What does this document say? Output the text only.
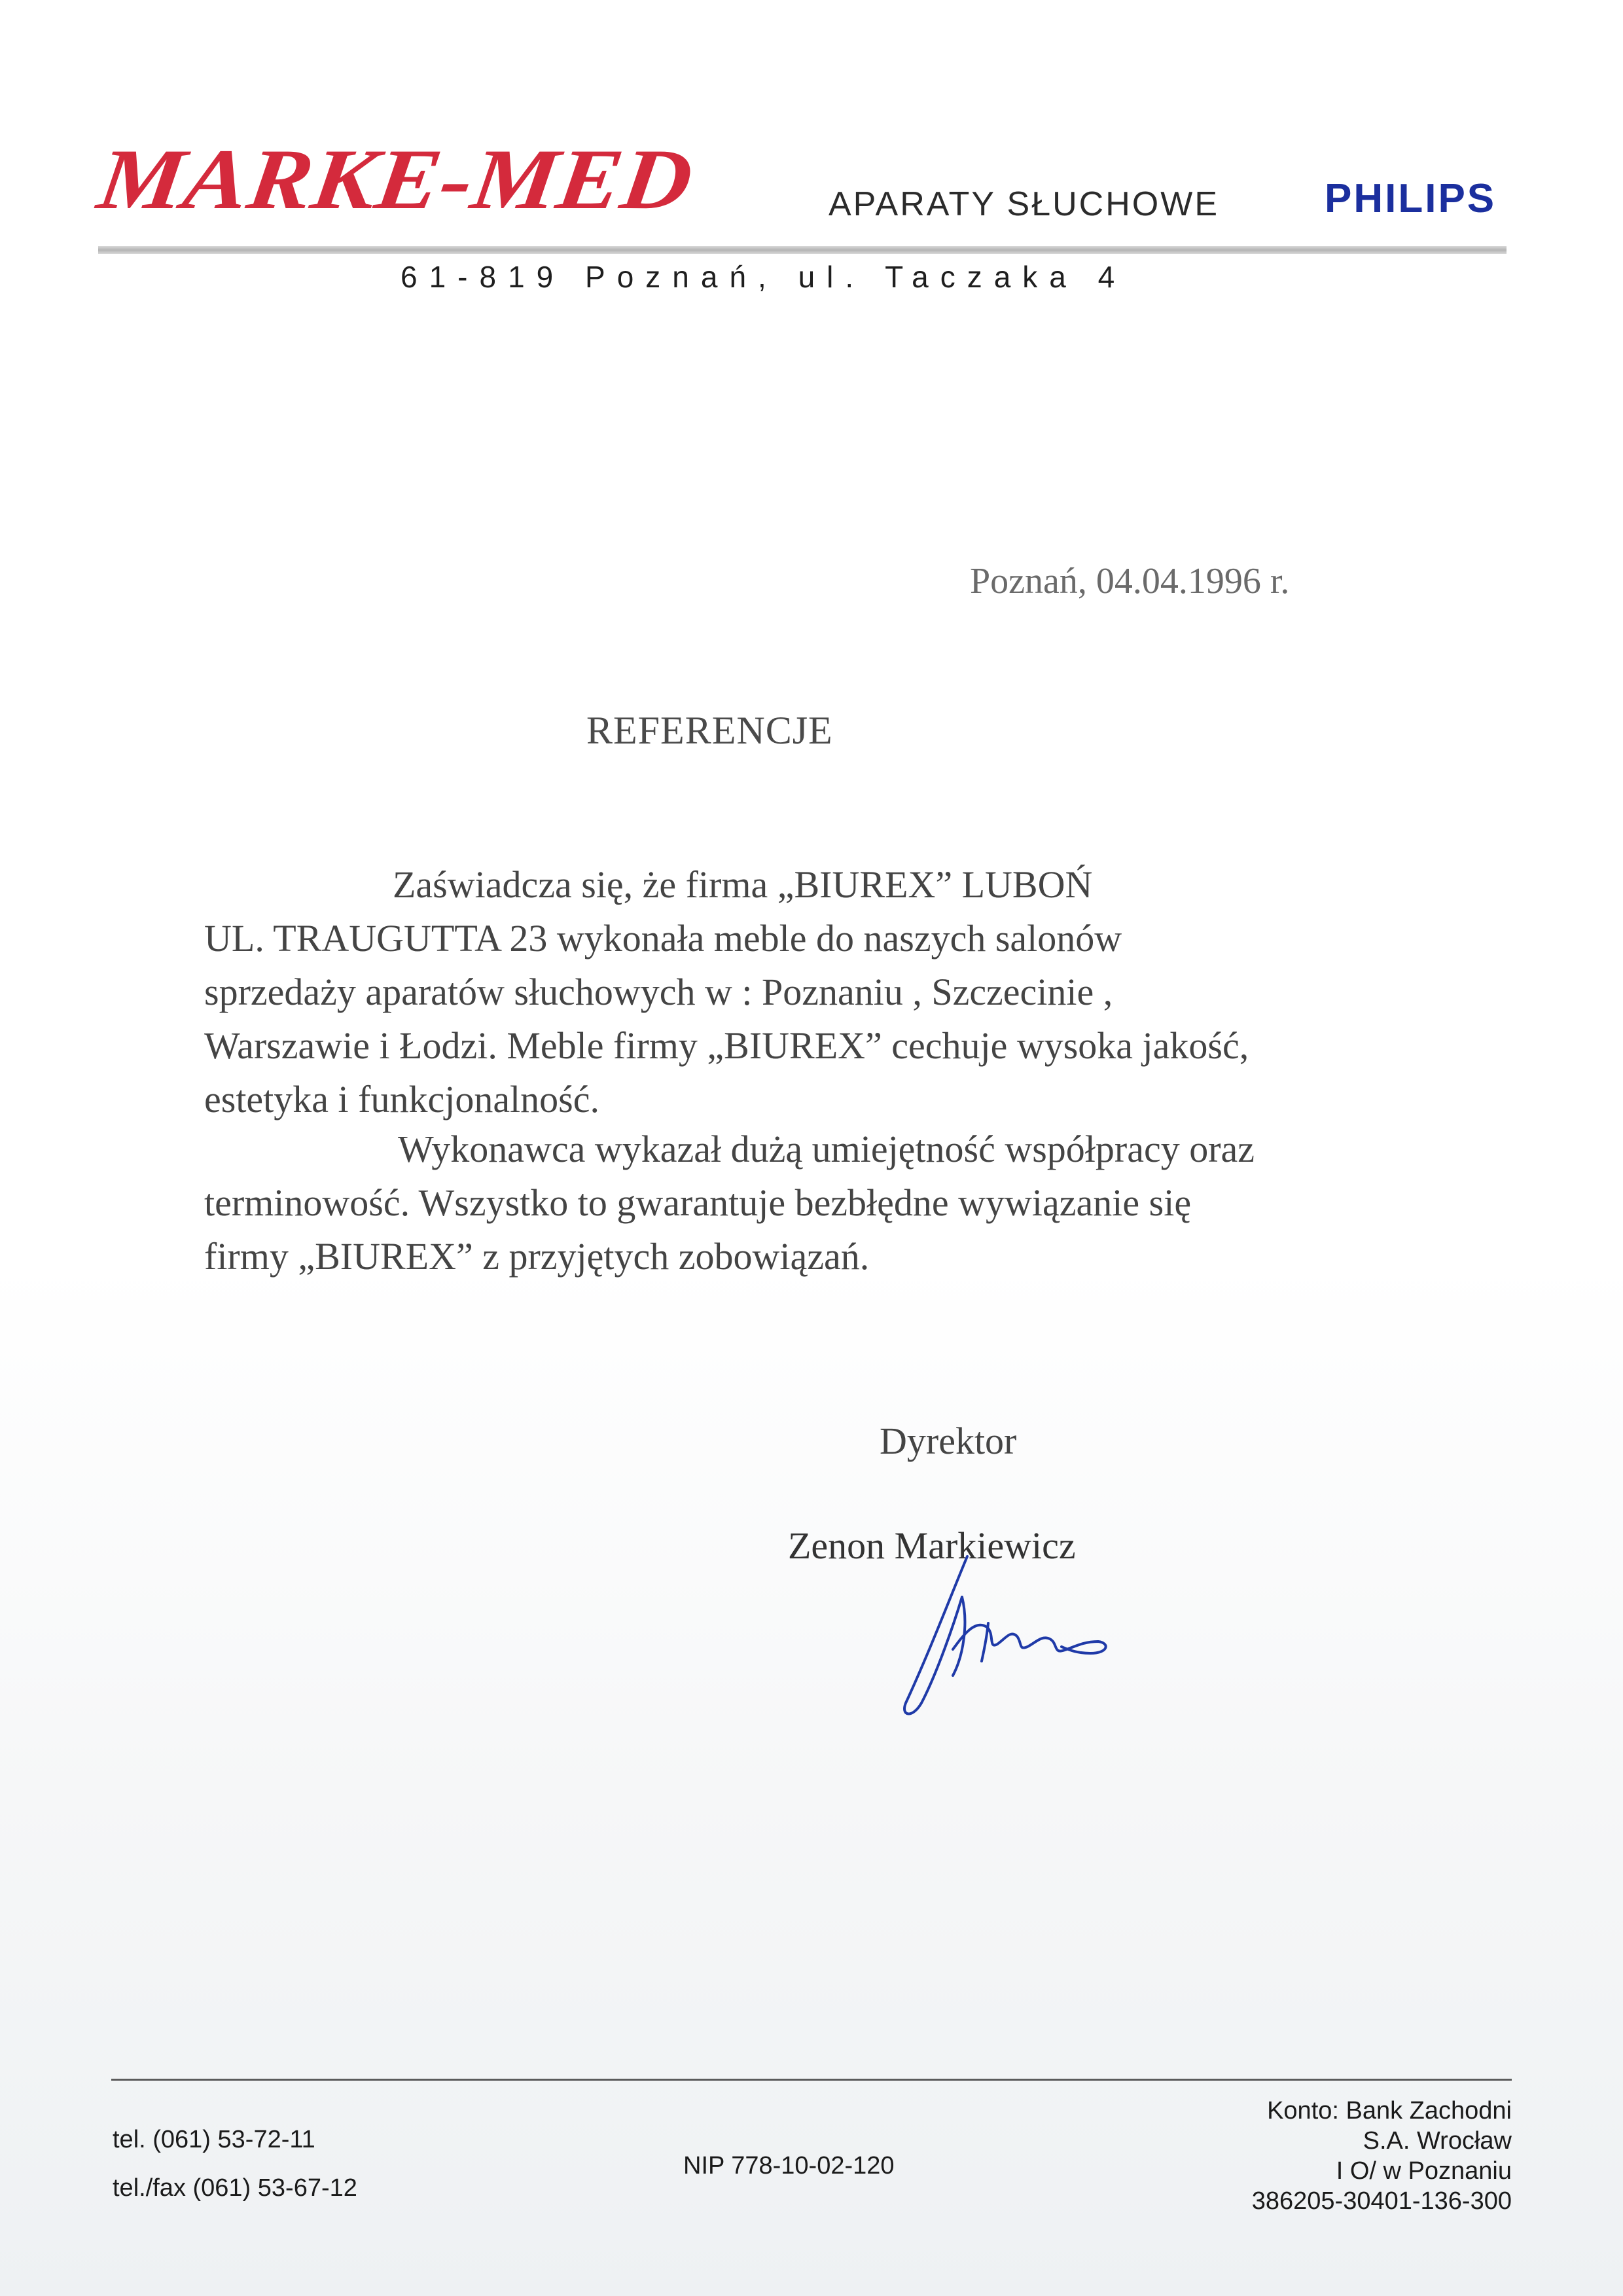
MARKE-MED	APARATY SŁUCHOWE	PHILIPS
61-819 Poznań, ul. Taczaka 4
Poznań, 04.04.1996 r.
REFERENCJE
Zaświadcza się, że firma „BIUREX” LUBOŃ
UL. TRAUGUTTA 23 wykonała meble do naszych salonów
sprzedaży aparatów słuchowych w : Poznaniu , Szczecinie ,
Warszawie i Łodzi. Meble firmy „BIUREX” cechuje wysoka jakość,
estetyka i funkcjonalność.
Wykonawca wykazał dużą umiejętność współpracy oraz
terminowość. Wszystko to gwarantuje bezbłędne wywiązanie się
firmy „BIUREX” z przyjętych zobowiązań.
Dyrektor
Zenon Markiewicz
tel. (061) 53-72-11
tel./fax (061) 53-67-12
NIP 778-10-02-120
Konto: Bank Zachodni
S.A. Wrocław
I O/ w Poznaniu
386205-30401-136-300
